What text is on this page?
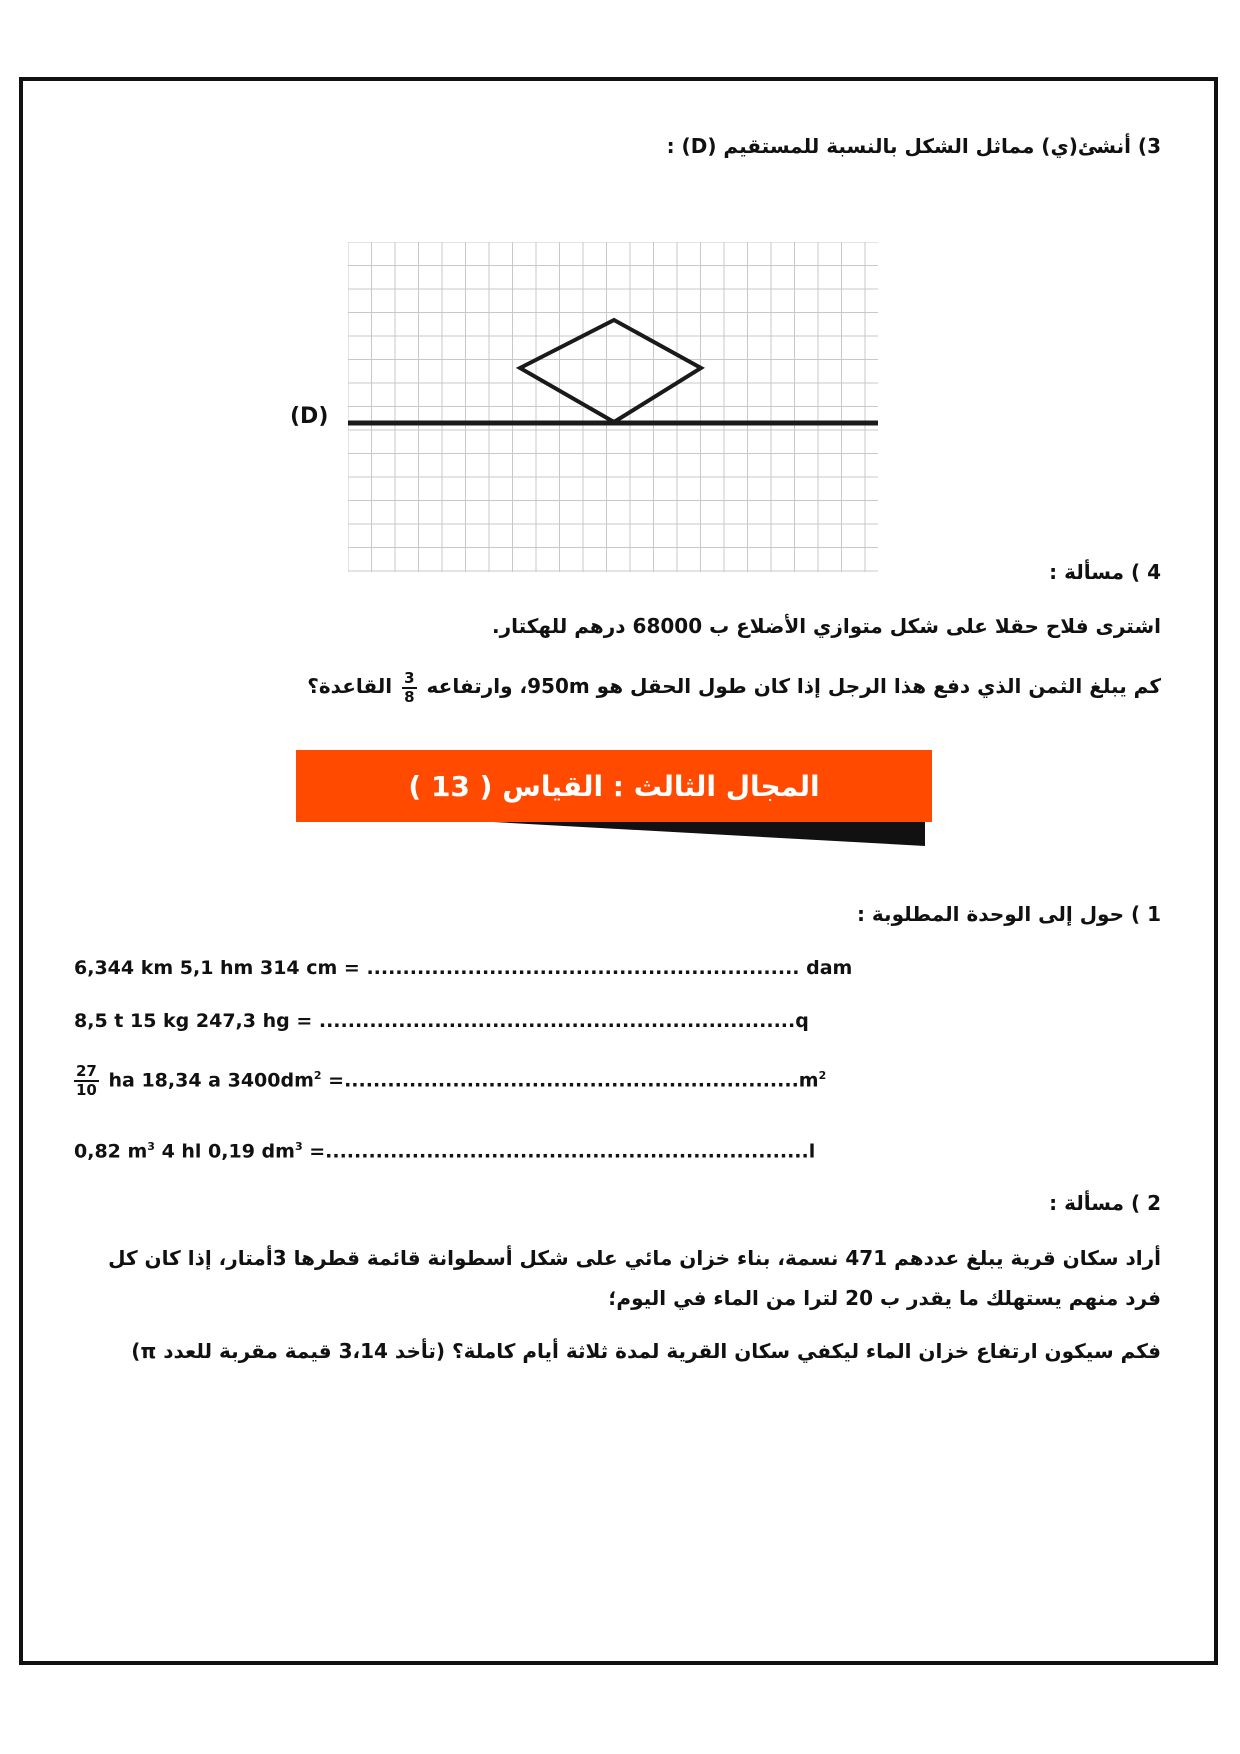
3) أنشئ(ي) مماثل الشكل بالنسبة للمستقيم (D) :
(D)
4 ) مسألة :
اشترى فلاح حقلا على شكل متوازي الأضلاع ب 68000 درهم للهكتار.
كم يبلغ الثمن الذي دفع هذا الرجل إذا كان طول الحقل هو 950m، وارتفاعه
$\frac{3}{8}$
القاعدة؟
المجال الثالث : القياس ( 13 )
1 ) حول إلى الوحدة المطلوبة :
6,344 km 5,1 hm 314 cm = ............................................................ dam
8,5 t 15 kg 247,3 hg = ..................................................................q
$\frac{27}{10}$ ha 18,34 a $3400dm^2 =...............................................................m^2$
0,82 $m^3$ 4 hl 0,19 $dm^3 =...................................................................l$
2 ) مسألة :
أراد سكان قرية يبلغ عددهم 471 نسمة، بناء خزان مائي على شكل أسطوانة قائمة قطرها 3أمتار، إذا كان كل فرد منهم يستهلك ما يقدر ب 20 لترا من الماء في اليوم؛
فكم سيكون ارتفاع خزان الماء ليكفي سكان القرية لمدة ثلاثة أيام كاملة؟ (تأخد 3،14 قيمة مقربة للعدد π)
